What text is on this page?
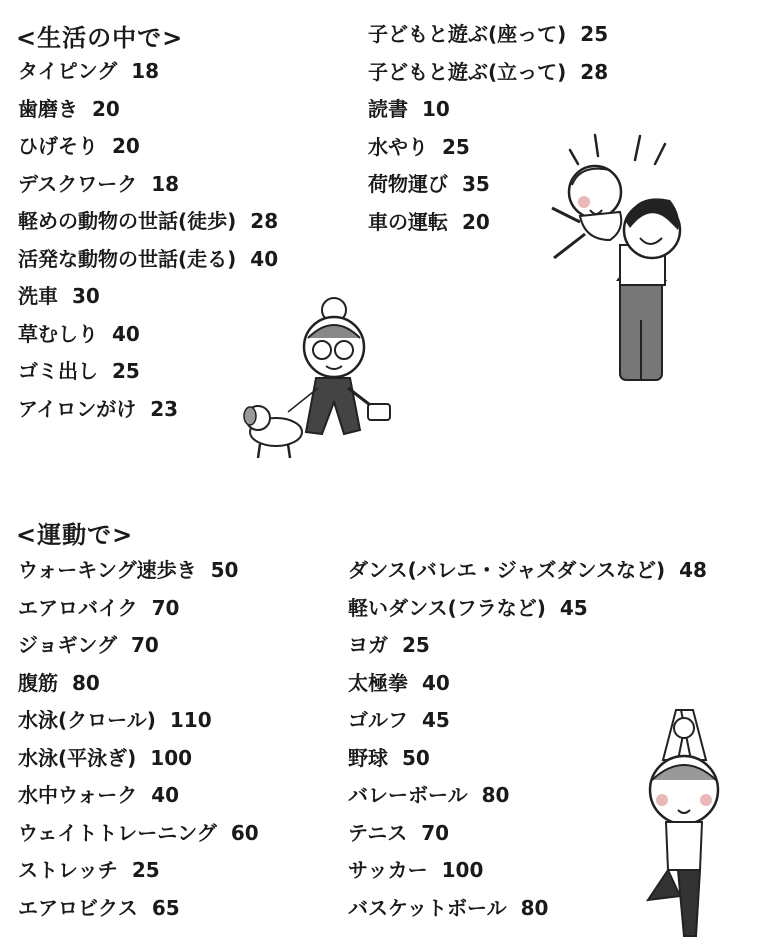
<生活の中で>
タイピング 18
歯磨き 20
ひげそり 20
デスクワーク 18
軽めの動物の世話(徒歩) 28
活発な動物の世話(走る) 40
洗車 30
草むしり 40
ゴミ出し 25
アイロンがけ 23
子どもと遊ぶ(座って) 25
子どもと遊ぶ(立って) 28
読書 10
水やり 25
荷物運び 35
車の運転 20
<運動で>
ウォーキング速歩き 50
エアロバイク 70
ジョギング 70
腹筋 80
水泳(クロール) 110
水泳(平泳ぎ) 100
水中ウォーク 40
ウェイトトレーニング 60
ストレッチ 25
エアロビクス 65
ダンス(バレエ・ジャズダンスなど) 48
軽いダンス(フラなど) 45
ヨガ 25
太極拳 40
ゴルフ 45
野球 50
バレーボール 80
テニス 70
サッカー 100
バスケットボール 80
